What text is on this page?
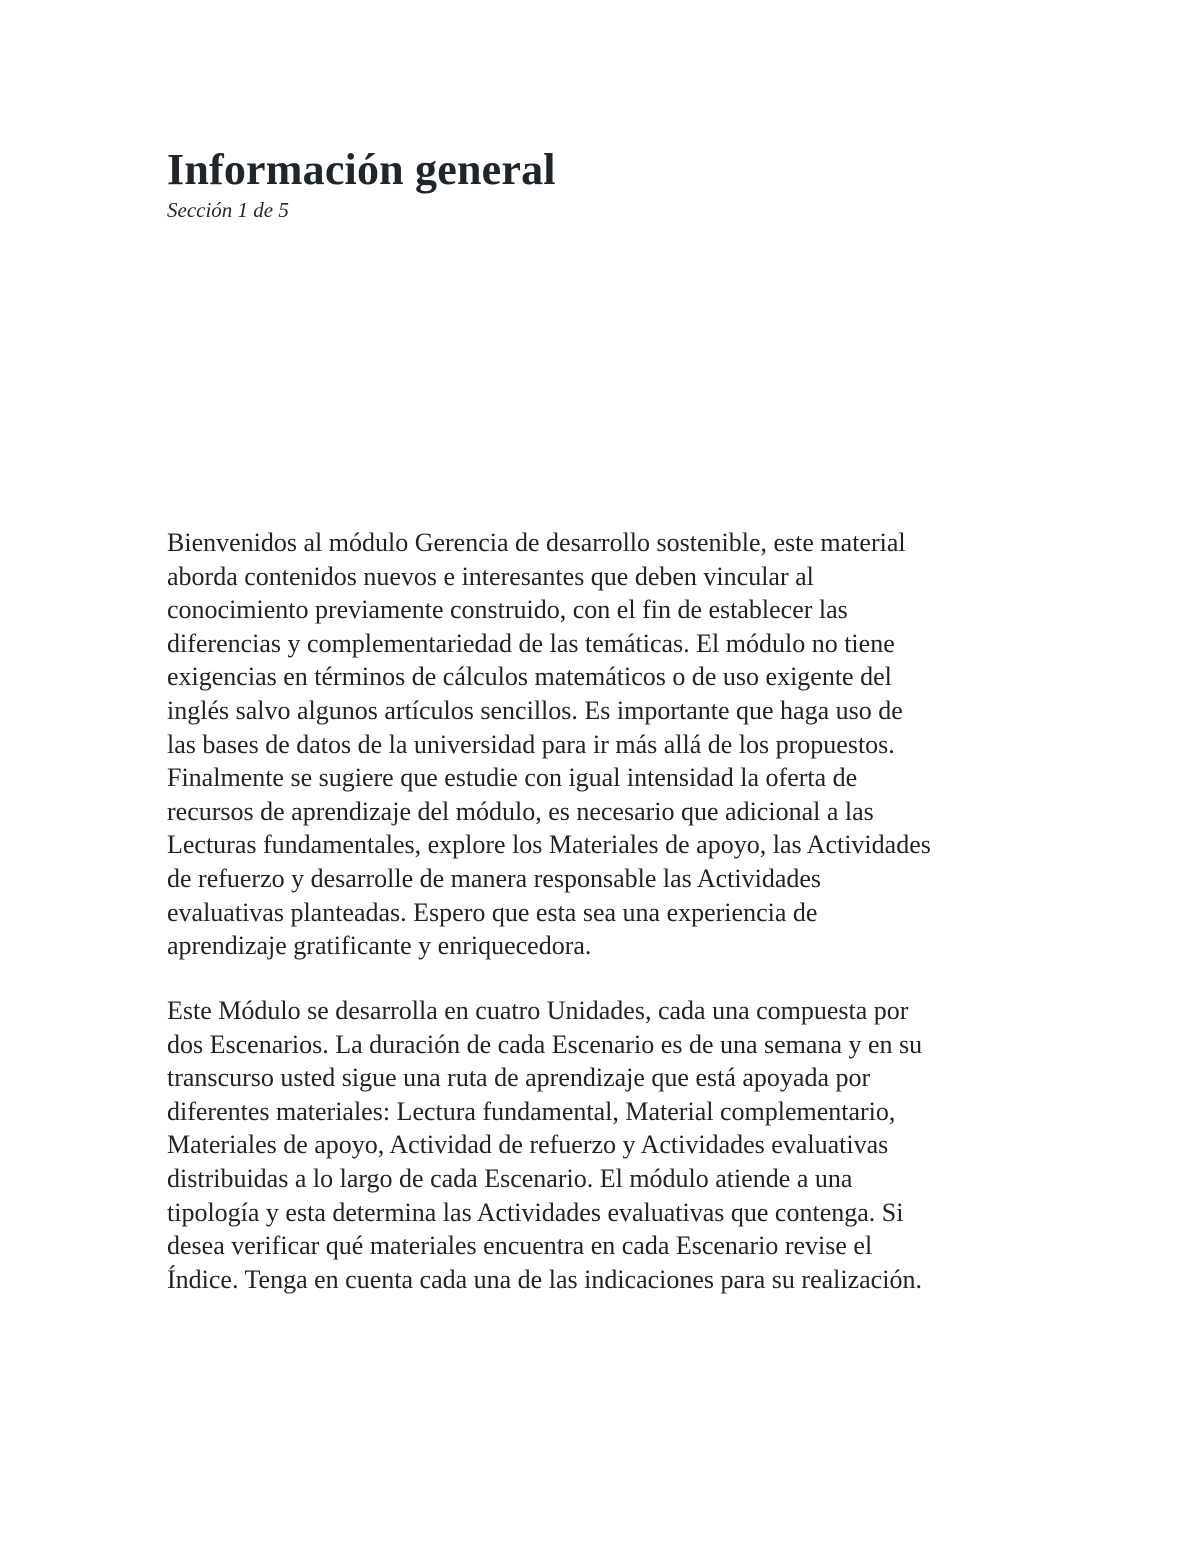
Información general

Sección 1 de 5

Bienvenidos al módulo Gerencia de desarrollo sostenible, este material
aborda contenidos nuevos e interesantes que deben vincular al
conocimiento previamente construido, con el fin de establecer las
diferencias y complementariedad de las temáticas. El módulo no tiene
exigencias en términos de cálculos matemáticos o de uso exigente del
inglés salvo algunos artículos sencillos. Es importante que haga uso de
las bases de datos de la universidad para ir más allá de los propuestos.
Finalmente se sugiere que estudie con igual intensidad la oferta de
recursos de aprendizaje del módulo, es necesario que adicional a las
Lecturas fundamentales, explore los Materiales de apoyo, las Actividades
de refuerzo y desarrolle de manera responsable las Actividades
evaluativas planteadas. Espero que esta sea una experiencia de
aprendizaje gratificante y enriquecedora.
Este Módulo se desarrolla en cuatro Unidades, cada una compuesta por
dos Escenarios. La duración de cada Escenario es de una semana y en su
transcurso usted sigue una ruta de aprendizaje que está apoyada por
diferentes materiales: Lectura fundamental, Material complementario,
Materiales de apoyo, Actividad de refuerzo y Actividades evaluativas
distribuidas a lo largo de cada Escenario. El módulo atiende a una
tipología y esta determina las Actividades evaluativas que contenga. Si
desea verificar qué materiales encuentra en cada Escenario revise el
Índice. Tenga en cuenta cada una de las indicaciones para su realización.
